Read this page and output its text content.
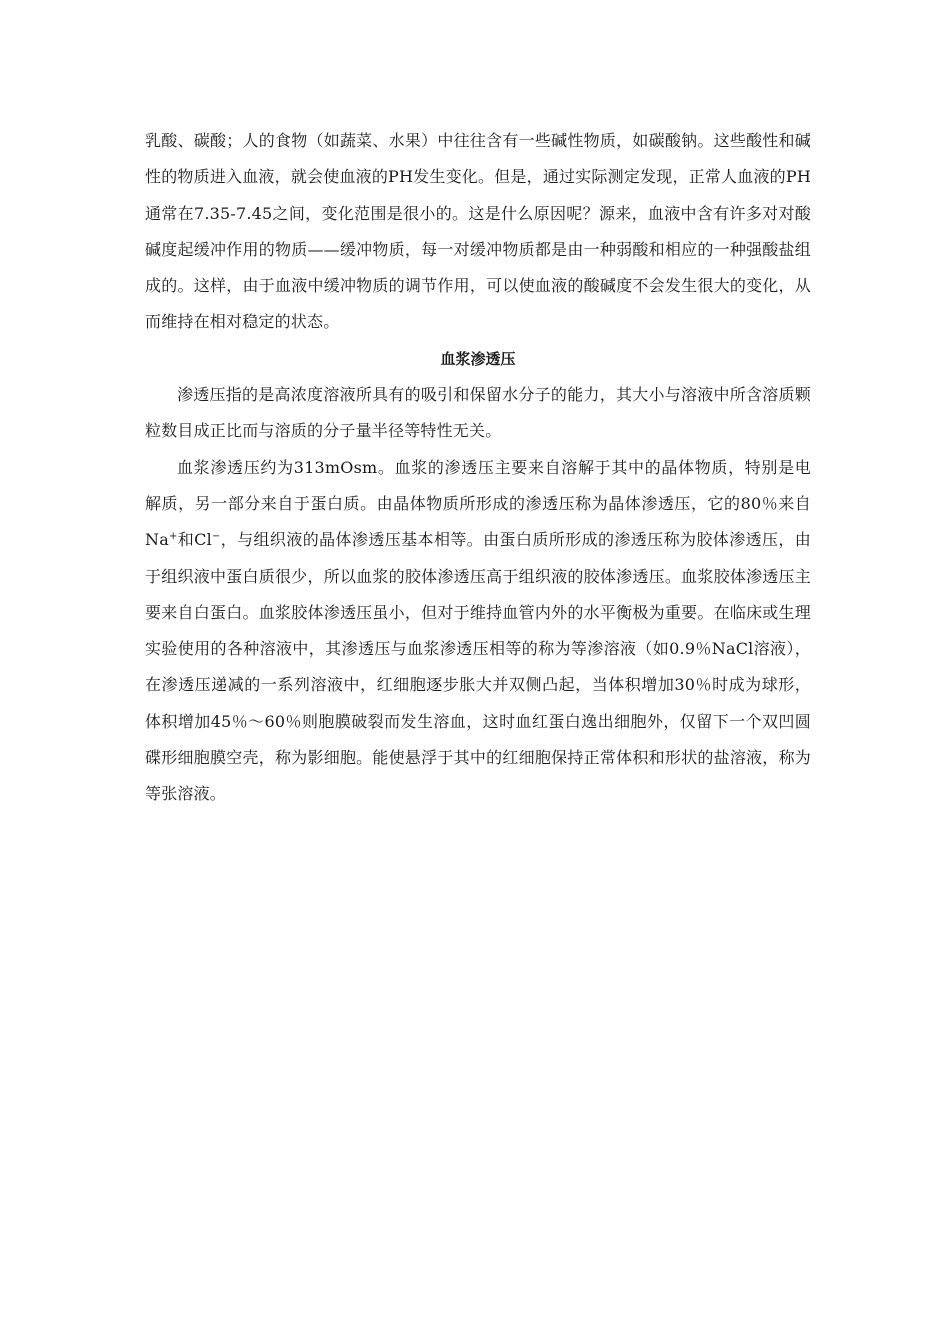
乳酸、碳酸；人的食物（如蔬菜、水果）中往往含有一些碱性物质，如碳酸钠。这些酸性和碱性的物质进入血液，就会使血液的PH发生变化。但是，通过实际测定发现，正常人血液的PH通常在7.35-7.45之间，变化范围是很小的。这是什么原因呢？源来，血液中含有许多对对酸碱度起缓冲作用的物质——缓冲物质，每一对缓冲物质都是由一种弱酸和相应的一种强酸盐组成的。这样，由于血液中缓冲物质的调节作用，可以使血液的酸碱度不会发生很大的变化，从而维持在相对稳定的状态。

血浆渗透压

渗透压指的是高浓度溶液所具有的吸引和保留水分子的能力，其大小与溶液中所含溶质颗粒数目成正比而与溶质的分子量半径等特性无关。

血浆渗透压约为313mOsm。血浆的渗透压主要来自溶解于其中的晶体物质，特别是电解质，另一部分来自于蛋白质。由晶体物质所形成的渗透压称为晶体渗透压，它的80％来自Na+和Cl−，与组织液的晶体渗透压基本相等。由蛋白质所形成的渗透压称为胶体渗透压，由于组织液中蛋白质很少，所以血浆的胶体渗透压高于组织液的胶体渗透压。血浆胶体渗透压主要来自白蛋白。血浆胶体渗透压虽小，但对于维持血管内外的水平衡极为重要。在临床或生理实验使用的各种溶液中，其渗透压与血浆渗透压相等的称为等渗溶液（如0.9％NaCl溶液），在渗透压递减的一系列溶液中，红细胞逐步胀大并双侧凸起，当体积增加30％时成为球形，体积增加45％～60％则胞膜破裂而发生溶血，这时血红蛋白逸出细胞外，仅留下一个双凹圆碟形细胞膜空壳，称为影细胞。能使悬浮于其中的红细胞保持正常体积和形状的盐溶液，称为等张溶液。
